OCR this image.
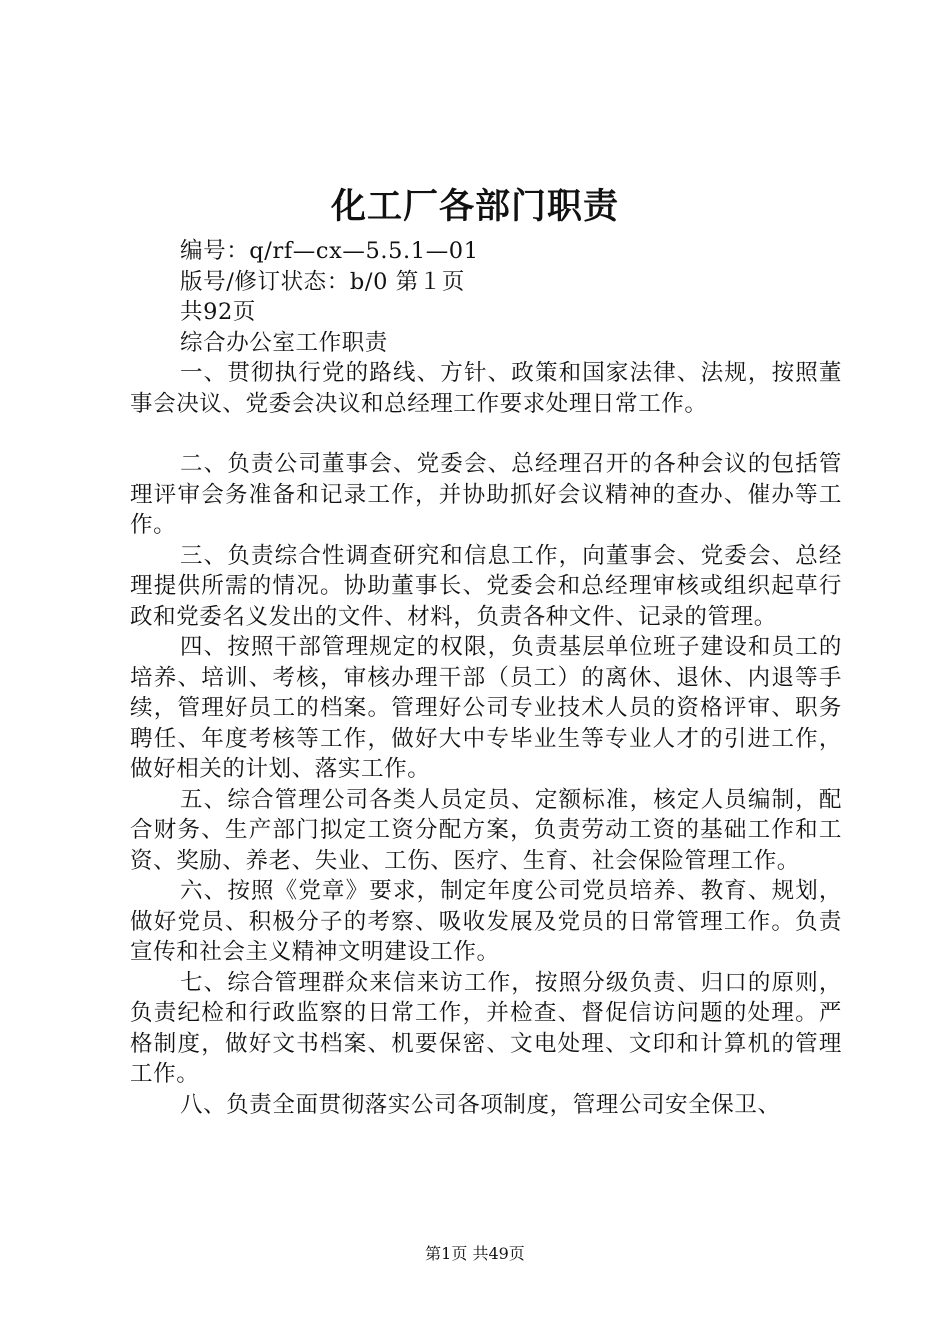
化工厂各部门职责

编号：q/rf—cx—5.5.1—01

版号/修订状态：b/0 第１页

共92页

综合办公室工作职责

一、贯彻执行党的路线、方针、政策和国家法律、法规，按照董事会决议、党委会决议和总经理工作要求处理日常工作。

二、负责公司董事会、党委会、总经理召开的各种会议的包括管理评审会务准备和记录工作，并协助抓好会议精神的查办、催办等工作。

三、负责综合性调查研究和信息工作，向董事会、党委会、总经理提供所需的情况。协助董事长、党委会和总经理审核或组织起草行政和党委名义发出的文件、材料，负责各种文件、记录的管理。

四、按照干部管理规定的权限，负责基层单位班子建设和员工的培养、培训、考核，审核办理干部（员工）的离休、退休、内退等手续，管理好员工的档案。管理好公司专业技术人员的资格评审、职务聘任、年度考核等工作，做好大中专毕业生等专业人才的引进工作，做好相关的计划、落实工作。

五、综合管理公司各类人员定员、定额标准，核定人员编制，配合财务、生产部门拟定工资分配方案，负责劳动工资的基础工作和工资、奖励、养老、失业、工伤、医疗、生育、社会保险管理工作。

六、按照《党章》要求，制定年度公司党员培养、教育、规划，做好党员、积极分子的考察、吸收发展及党员的日常管理工作。负责宣传和社会主义精神文明建设工作。

七、综合管理群众来信来访工作，按照分级负责、归口的原则，负责纪检和行政监察的日常工作，并检查、督促信访问题的处理。严格制度，做好文书档案、机要保密、文电处理、文印和计算机的管理工作。

八、负责全面贯彻落实公司各项制度，管理公司安全保卫、

第1页 共49页
